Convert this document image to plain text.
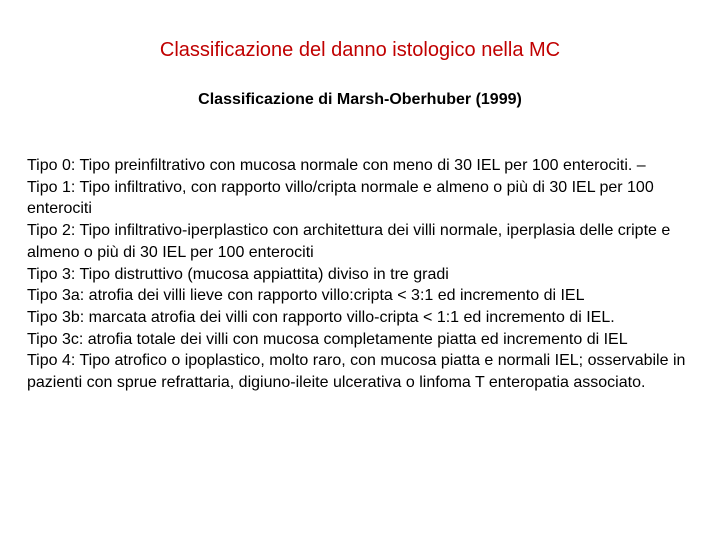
Classificazione del danno istologico nella MC
Classificazione di Marsh-Oberhuber (1999)
Tipo 0: Tipo preinfiltrativo con mucosa normale con meno di 30 IEL per 100 enterociti. –
Tipo 1: Tipo infiltrativo, con rapporto villo/cripta normale e almeno o più di 30 IEL per 100 enterociti
Tipo 2: Tipo infiltrativo-iperplastico con architettura dei villi normale, iperplasia delle cripte e almeno o più di 30 IEL per 100 enterociti
Tipo 3: Tipo distruttivo (mucosa appiattita) diviso in tre gradi
Tipo 3a: atrofia dei villi lieve con rapporto villo:cripta < 3:1 ed incremento di IEL
Tipo 3b: marcata atrofia dei villi con rapporto villo-cripta < 1:1 ed incremento di IEL.
Tipo 3c: atrofia totale dei villi con mucosa completamente piatta ed incremento di IEL
Tipo 4: Tipo atrofico o ipoplastico, molto raro, con mucosa piatta e normali IEL; osservabile in pazienti con sprue refrattaria, digiuno-ileite ulcerativa o linfoma T enteropatia associato.
